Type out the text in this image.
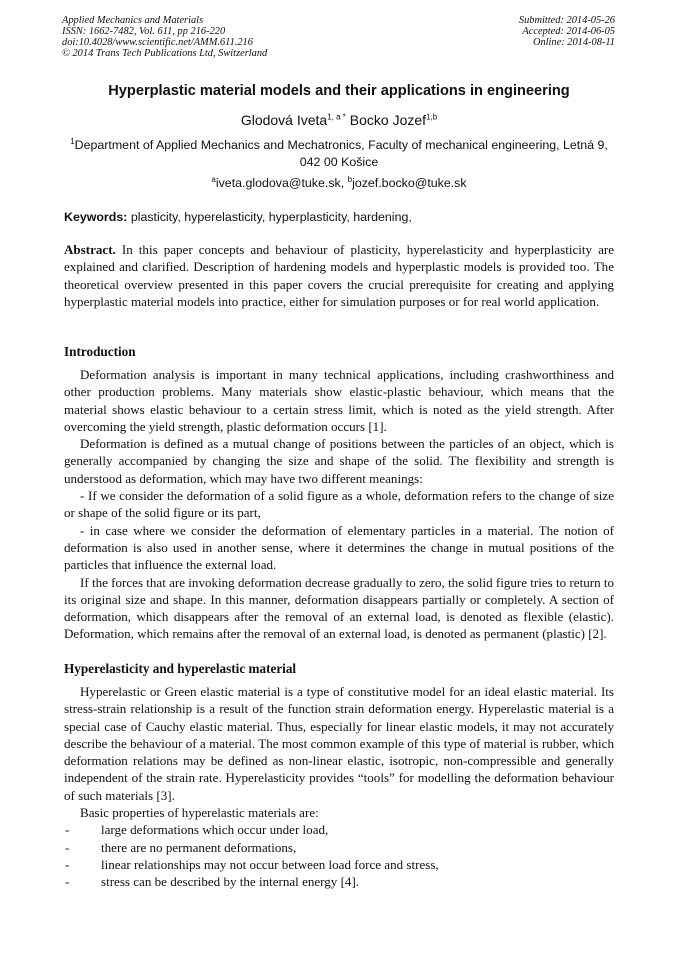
Applied Mechanics and Materials
ISSN: 1662-7482, Vol. 611, pp 216-220
doi:10.4028/www.scientific.net/AMM.611.216
© 2014 Trans Tech Publications Ltd, Switzerland
Submitted: 2014-05-26
Accepted: 2014-06-05
Online: 2014-08-11
Hyperplastic material models and their applications in engineering
Glodová Iveta$^{1, a *}$ Bocko Jozef$^{1,b}$
$^1$Department of Applied Mechanics and Mechatronics, Faculty of mechanical engineering, Letná 9, 042 00 Košice
$^a$iveta.glodova@tuke.sk, $^b$jozef.bocko@tuke.sk
Keywords: plasticity, hyperelasticity, hyperplasticity, hardening,

Abstract. In this paper concepts and behaviour of plasticity, hyperelasticity and hyperplasticity are explained and clarified. Description of hardening models and hyperplastic models is provided too. The theoretical overview presented in this paper covers the crucial prerequisite for creating and applying hyperplastic material models into practice, either for simulation purposes or for real world application.

Introduction

Deformation analysis is important in many technical applications, including crashworthiness and other production problems. Many materials show elastic-plastic behaviour, which means that the material shows elastic behaviour to a certain stress limit, which is noted as the yield strength. After overcoming the yield strength, plastic deformation occurs [1].

Deformation is defined as a mutual change of positions between the particles of an object, which is generally accompanied by changing the size and shape of the solid. The flexibility and strength is understood as deformation, which may have two different meanings:

- If we consider the deformation of a solid figure as a whole, deformation refers to the change of size or shape of the solid figure or its part,

- in case where we consider the deformation of elementary particles in a material. The notion of deformation is also used in another sense, where it determines the change in mutual positions of the particles that influence the external load.

If the forces that are invoking deformation decrease gradually to zero, the solid figure tries to return to its original size and shape. In this manner, deformation disappears partially or completely. A section of deformation, which disappears after the removal of an external load, is denoted as flexible (elastic). Deformation, which remains after the removal of an external load, is denoted as permanent (plastic) [2].

Hyperelasticity and hyperelastic material

Hyperelastic or Green elastic material is a type of constitutive model for an ideal elastic material. Its stress-strain relationship is a result of the function strain deformation energy. Hyperelastic material is a special case of Cauchy elastic material. Thus, especially for linear elastic models, it may not accurately describe the behaviour of a material. The most common example of this type of material is rubber, which deformation relations may be defined as non-linear elastic, isotropic, non-compressible and generally independent of the strain rate. Hyperelasticity provides “tools” for modelling the deformation behaviour of such materials [3].

Basic properties of hyperelastic materials are:

- large deformations which occur under load,
- there are no permanent deformations,
- linear relationships may not occur between load force and stress,
- stress can be described by the internal energy [4].
